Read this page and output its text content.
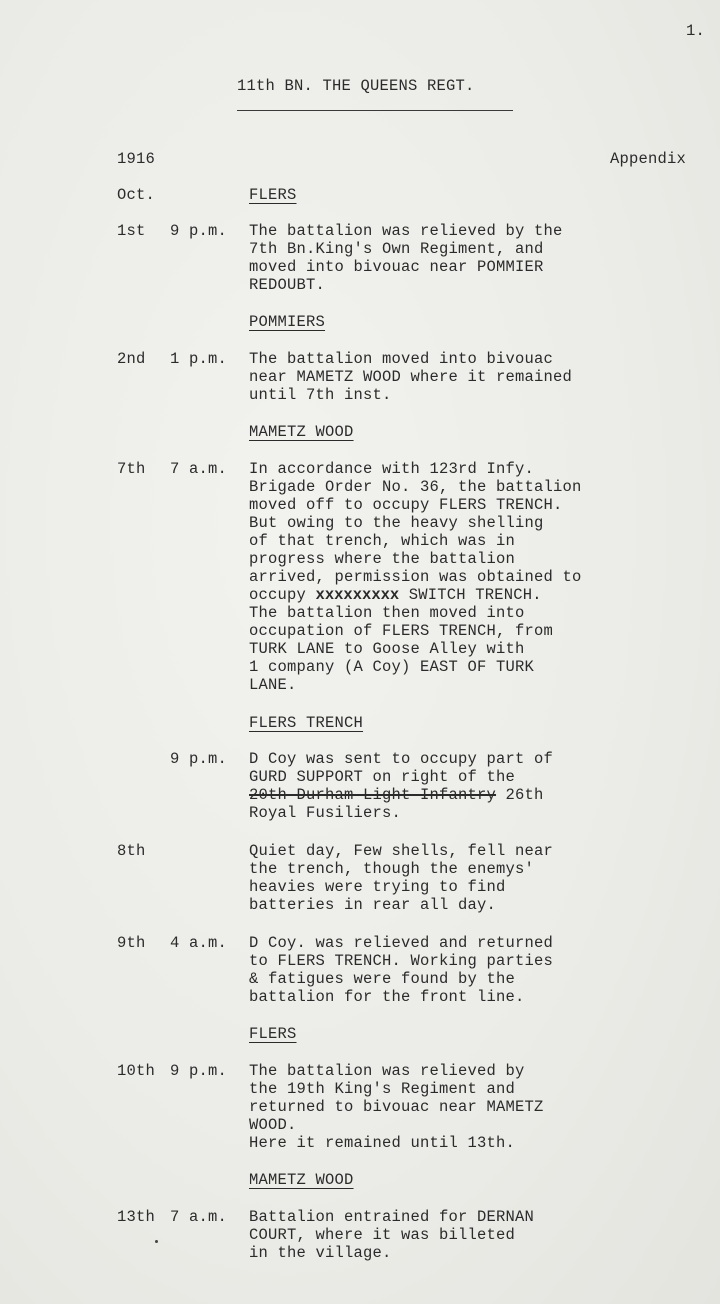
1.
11th BN. THE QUEENS REGT.
1916	Appendix
Oct.	FLERS
1st 9 p.m. The battalion was relieved by the
7th Bn.King's Own Regiment, and
moved into bivouac near POMMIER
REDOUBT.
POMMIERS
2nd 1 p.m. The battalion moved into bivouac
near MAMETZ WOOD where it remained
until 7th inst.
MAMETZ WOOD
7th 7 a.m. In accordance with 123rd Infy.
Brigade Order No. 36, the battalion
moved off to occupy FLERS TRENCH.
But owing to the heavy shelling
of that trench, which was in
progress where the battalion
arrived, permission was obtained to
occupy xxxxxxxxx SWITCH TRENCH.
The battalion then moved into
occupation of FLERS TRENCH, from
TURK LANE to Goose Alley with
1 company (A Coy) EAST OF TURK
LANE.
FLERS TRENCH
9 p.m. D Coy was sent to occupy part of
GURD SUPPORT on right of the
20th Durham Light Infantry 26th
Royal Fusiliers.
8th	Quiet day, Few shells, fell near
the trench, though the enemys'
heavies were trying to find
batteries in rear all day.
9th 4 a.m. D Coy. was relieved and returned
to FLERS TRENCH. Working parties
& fatigues were found by the
battalion for the front line.
FLERS
10th 9 p.m. The battalion was relieved by
the 19th King's Regiment and
returned to bivouac near MAMETZ
WOOD.
Here it remained until 13th.
MAMETZ WOOD
13th 7 a.m. Battalion entrained for DERNAN
COURT, where it was billeted
in the village.
